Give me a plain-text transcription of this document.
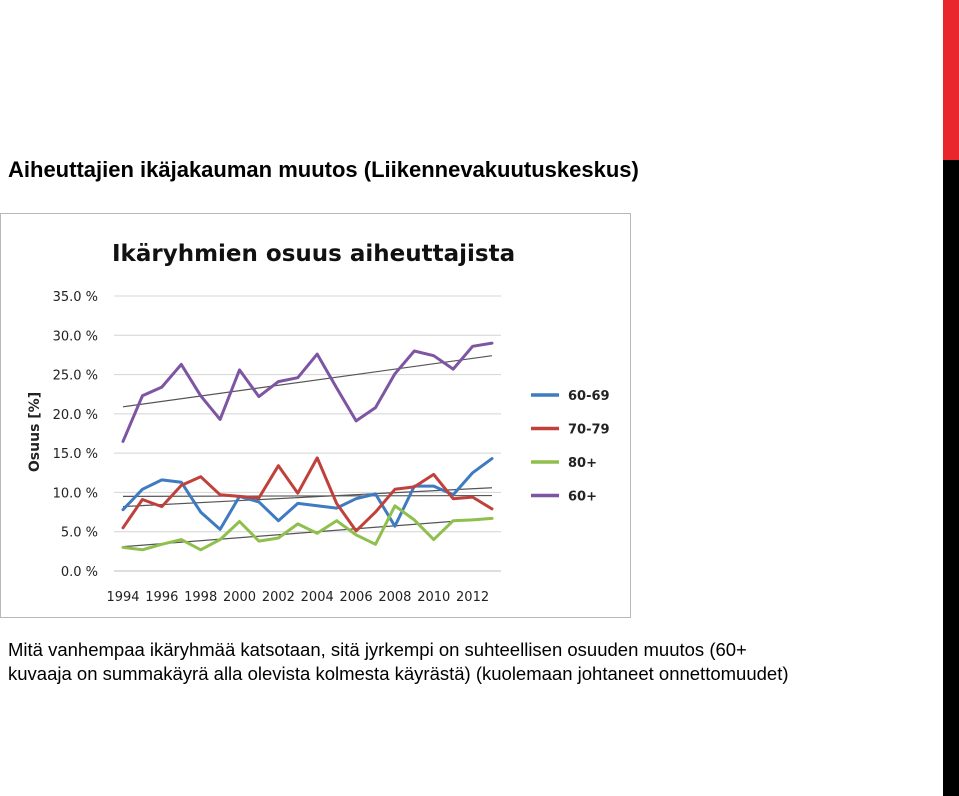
Aiheuttajien ikäjakauman muutos (Liikennevakuutuskeskus)
Ikäryhmien osuus aiheuttajista
Osuus [%]
0.0 %
5.0 %
10.0 %
15.0 %
20.0 %
25.0 %
30.0 %
35.0 %
1994 1996 1998 2000 2002 2004 2006 2008 2010 2012
60-69
70-79
80+
60+
Mitä vanhempaa ikäryhmää katsotaan, sitä jyrkempi on suhteellisen osuuden muutos (60+
kuvaaja on summakäyrä alla olevista kolmesta käyrästä) (kuolemaan johtaneet onnettomuudet)
